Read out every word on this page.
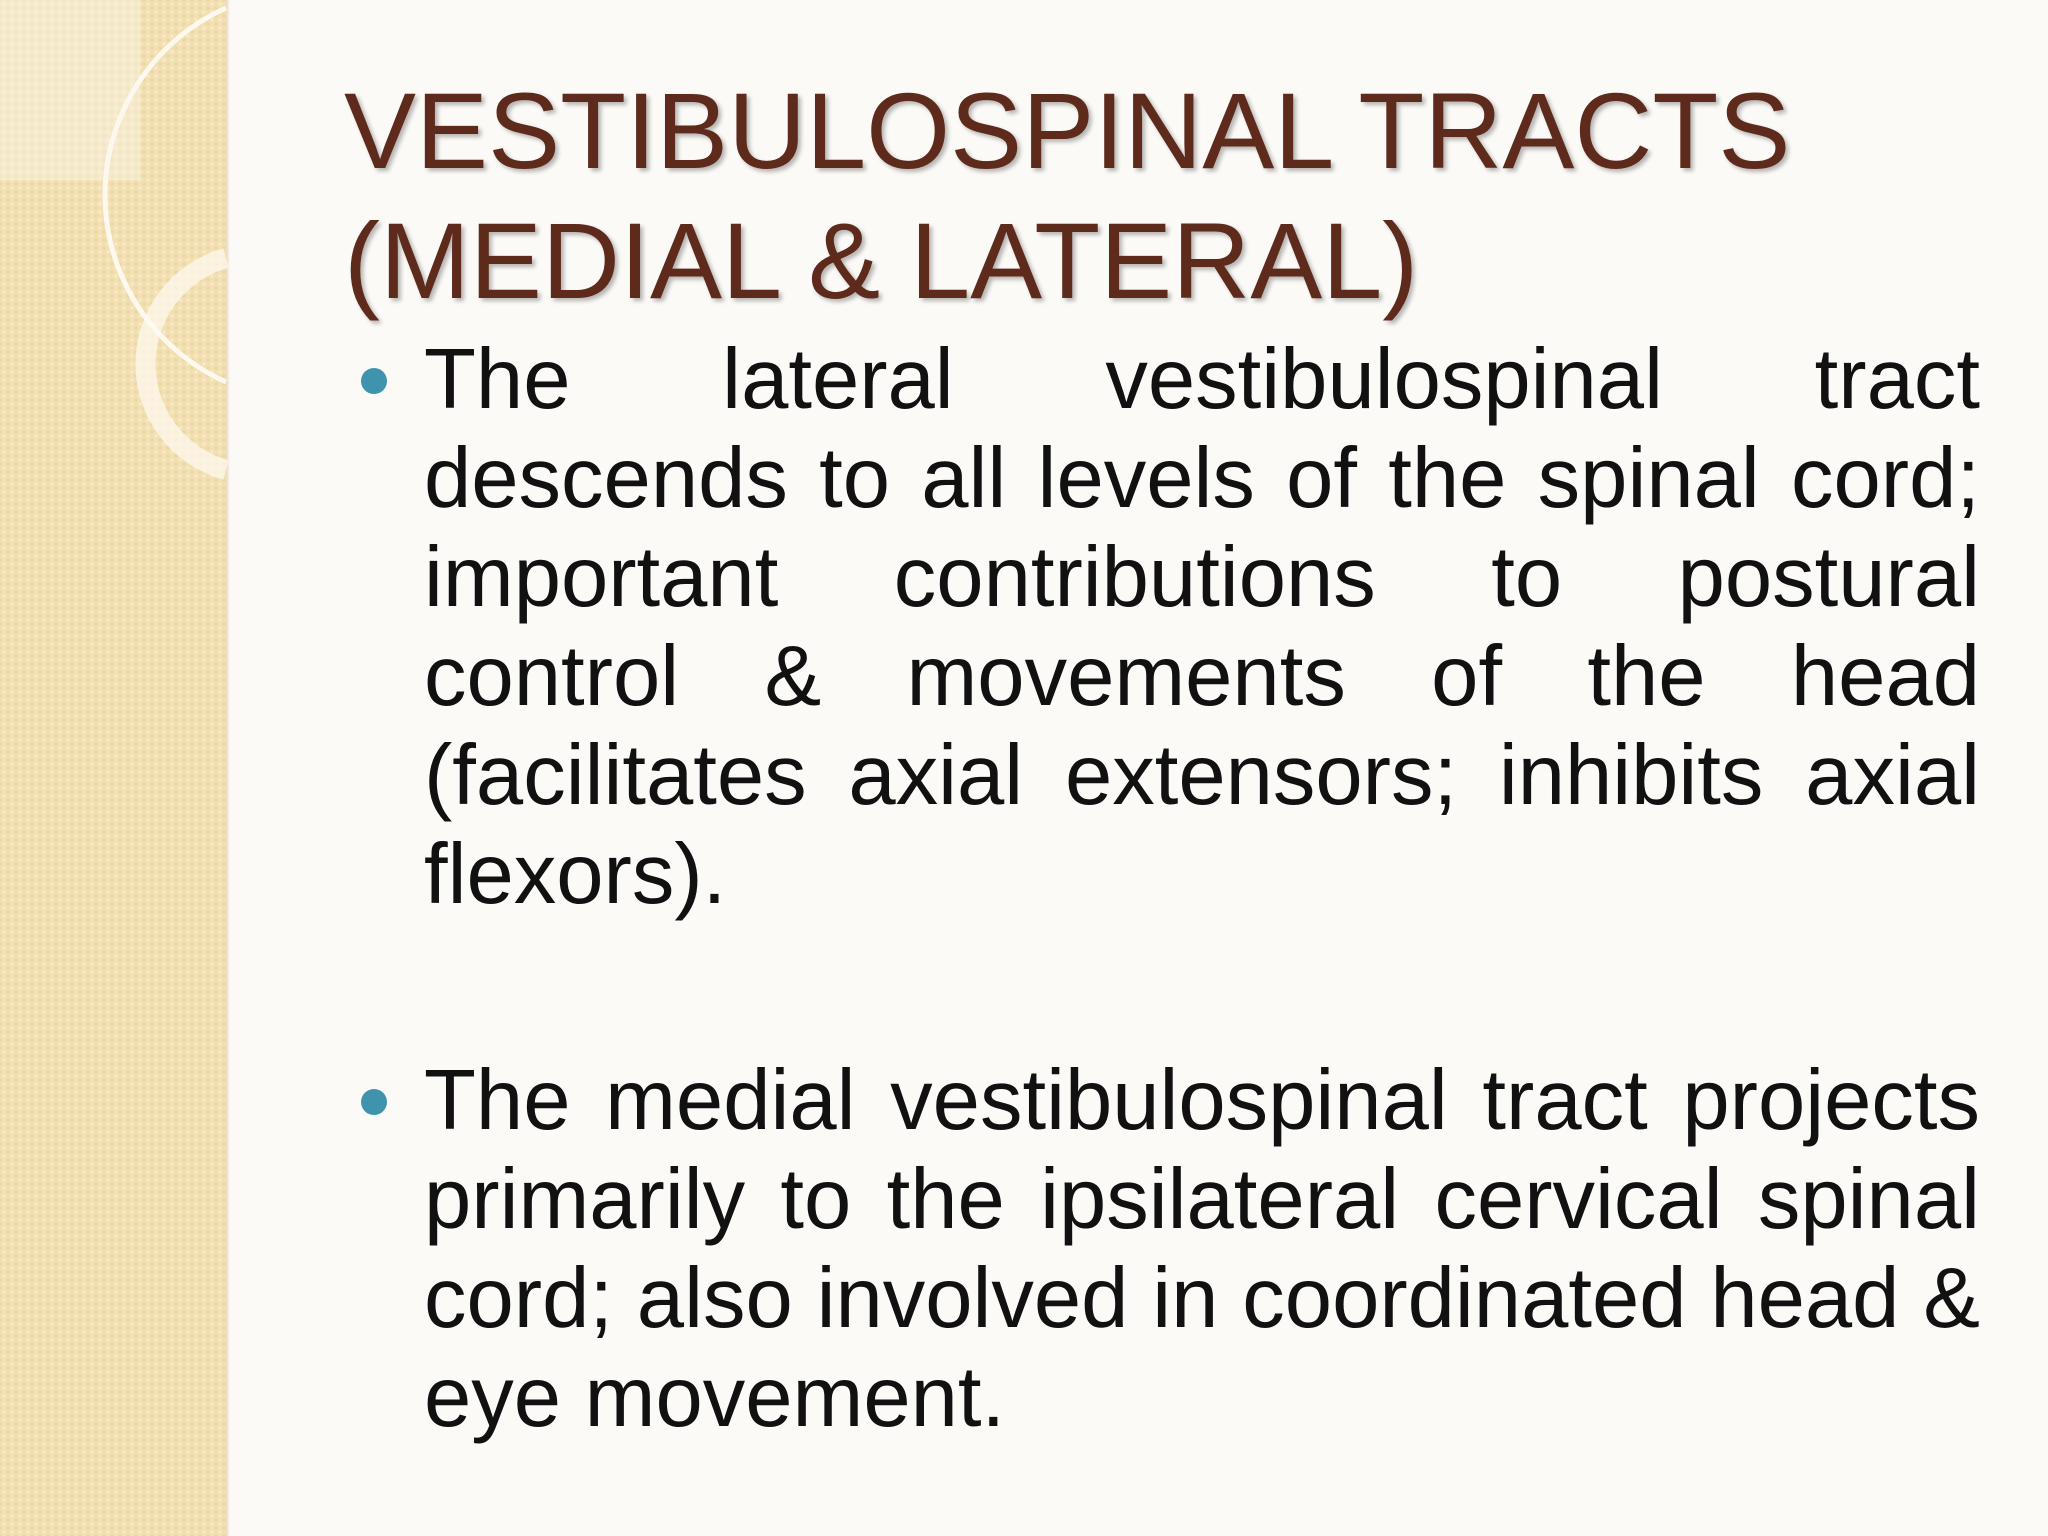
VESTIBULOSPINAL TRACTS
(MEDIAL & LATERAL)
The lateral vestibulospinal tract descends to all levels of the spinal cord; important contributions to postural control & movements of the head (facilitates axial extensors; inhibits axial flexors).
The medial vestibulospinal tract projects primarily to the ipsilateral cervical spinal cord; also involved in coordinated head & eye movement.
